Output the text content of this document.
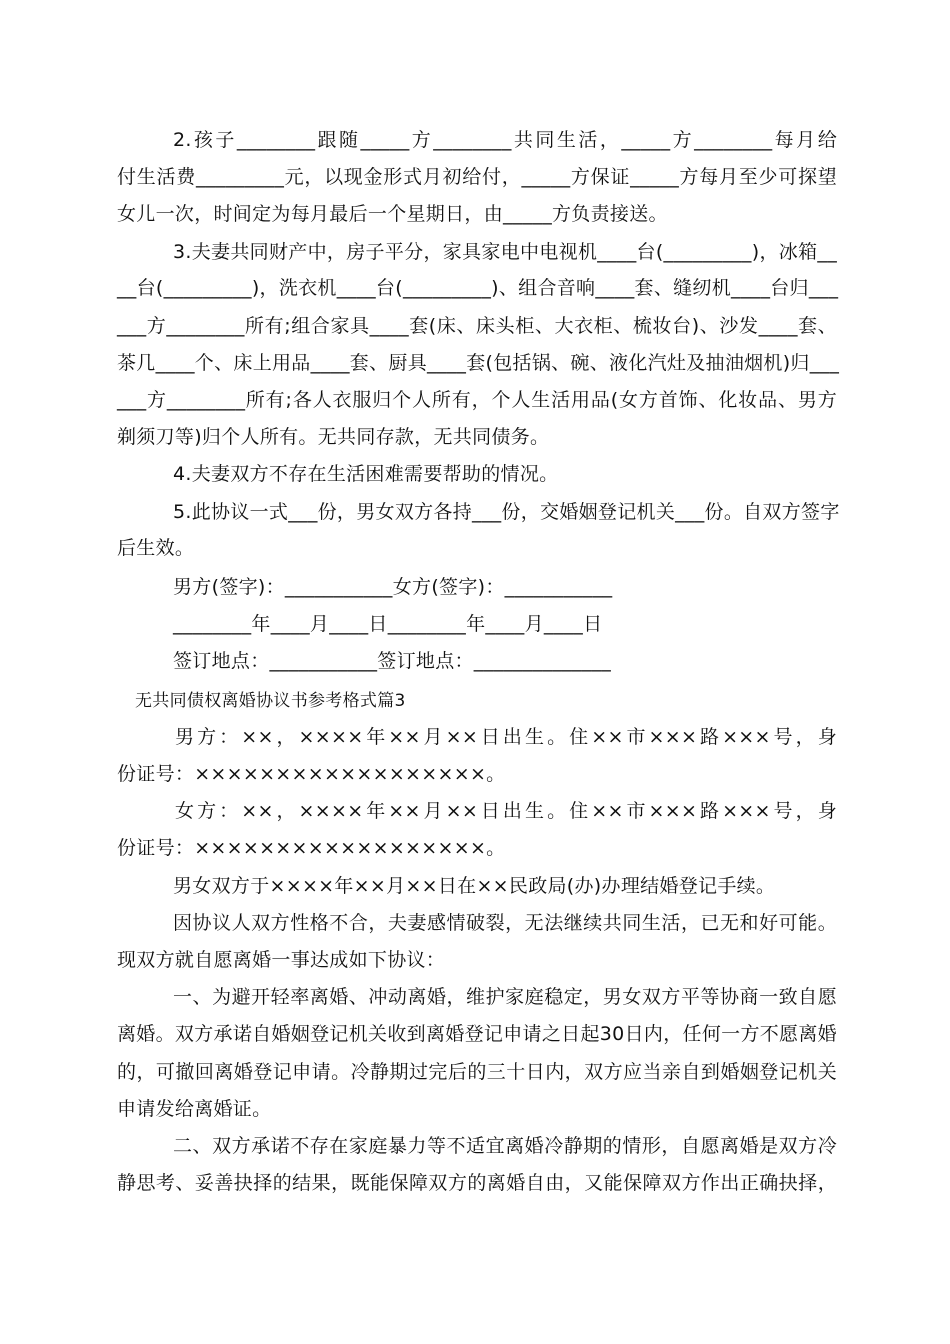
2.孩子________跟随_____方________共同生活，_____方________每月给
付生活费_________元，以现金形式月初给付，_____方保证_____方每月至少可探望
女儿一次，时间定为每月最后一个星期日，由_____方负责接送。
3.夫妻共同财产中，房子平分，家具家电中电视机____台(_________)，冰箱__
__台(_________)，洗衣机____台(_________)、组合音响____套、缝纫机____台归___
___方________所有;组合家具____套(床、床头柜、大衣柜、梳妆台)、沙发____套、
茶几____个、床上用品____套、厨具____套(包括锅、碗、液化汽灶及抽油烟机)归___
___方________所有;各人衣服归个人所有，个人生活用品(女方首饰、化妆品、男方
剃须刀等)归个人所有。无共同存款，无共同债务。
4.夫妻双方不存在生活困难需要帮助的情况。
5.此协议一式___份，男女双方各持___份，交婚姻登记机关___份。自双方签字
后生效。
男方(签字)：___________女方(签字)：___________
________年____月____日________年____月____日
签订地点：___________签订地点：______________
无共同债权离婚协议书参考格式篇3
男方：××，××××年××月××日出生。住××市×××路×××号，身
份证号：××××××××××××××××××。
女方：××，××××年××月××日出生。住××市×××路×××号，身
份证号：××××××××××××××××××。
男女双方于××××年××月××日在××民政局(办)办理结婚登记手续。
因协议人双方性格不合，夫妻感情破裂，无法继续共同生活，已无和好可能。
现双方就自愿离婚一事达成如下协议：
一、为避开轻率离婚、冲动离婚，维护家庭稳定，男女双方平等协商一致自愿
离婚。双方承诺自婚姻登记机关收到离婚登记申请之日起30日内，任何一方不愿离婚
的，可撤回离婚登记申请。冷静期过完后的三十日内，双方应当亲自到婚姻登记机关
申请发给离婚证。
二、双方承诺不存在家庭暴力等不适宜离婚冷静期的情形，自愿离婚是双方冷
静思考、妥善抉择的结果，既能保障双方的离婚自由，又能保障双方作出正确抉择，
